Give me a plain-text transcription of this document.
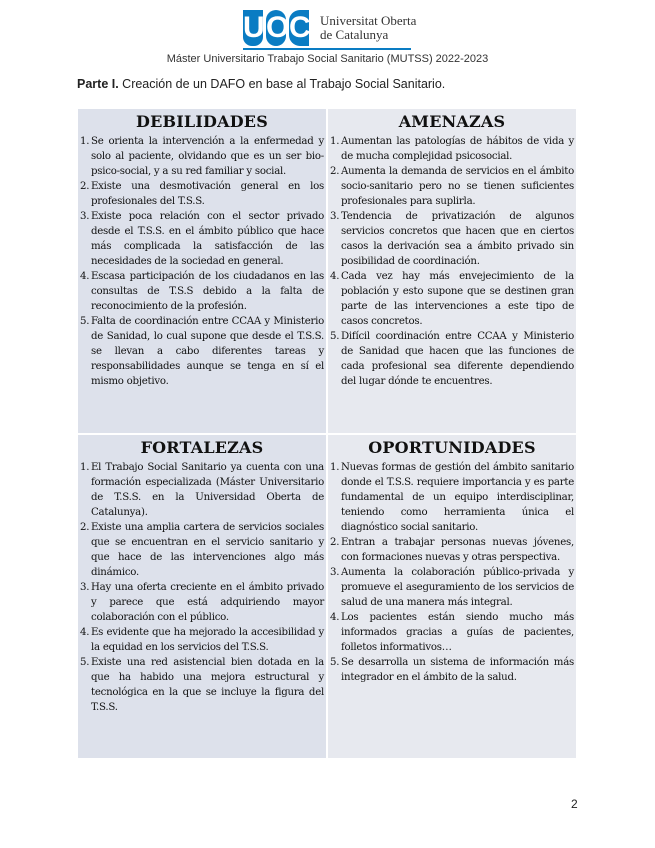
U O C Universitat Oberta
de Catalunya
Máster Universitario Trabajo Social Sanitario (MUTSS) 2022-2023
Parte I. Creación de un DAFO en base al Trabajo Social Sanitario.
DEBILIDADES
1. Se orienta la intervención a la enfermedad y solo al paciente, olvidando que es un ser bio-psico-social, y a su red familiar y social.
2. Existe una desmotivación general en los profesionales del T.S.S.
3. Existe poca relación con el sector privado desde el T.S.S. en el ámbito público que hace más complicada la satisfacción de las necesidades de la sociedad en general.
4. Escasa participación de los ciudadanos en las consultas de T.S.S debido a la falta de reconocimiento de la profesión.
5. Falta de coordinación entre CCAA y Ministerio de Sanidad, lo cual supone que desde el T.S.S. se llevan a cabo diferentes tareas y responsabilidades aunque se tenga en sí el mismo objetivo.
AMENAZAS
1. Aumentan las patologías de hábitos de vida y de mucha complejidad psicosocial.
2. Aumenta la demanda de servicios en el ámbito socio-sanitario pero no se tienen suficientes profesionales para suplirla.
3. Tendencia de privatización de algunos servicios concretos que hacen que en ciertos casos la derivación sea a ámbito privado sin posibilidad de coordinación.
4. Cada vez hay más envejecimiento de la población y esto supone que se destinen gran parte de las intervenciones a este tipo de casos concretos.
5. Difícil coordinación entre CCAA y Ministerio de Sanidad que hacen que las funciones de cada profesional sea diferente dependiendo del lugar dónde te encuentres.
FORTALEZAS
1. El Trabajo Social Sanitario ya cuenta con una formación especializada (Máster Universitario de T.S.S. en la Universidad Oberta de Catalunya).
2. Existe una amplia cartera de servicios sociales que se encuentran en el servicio sanitario y que hace de las intervenciones algo más dinámico.
3. Hay una oferta creciente en el ámbito privado y parece que está adquiriendo mayor colaboración con el público.
4. Es evidente que ha mejorado la accesibilidad y la equidad en los servicios del T.S.S.
5. Existe una red asistencial bien dotada en la que ha habido una mejora estructural y tecnológica en la que se incluye la figura del T.S.S.
OPORTUNIDADES
1. Nuevas formas de gestión del ámbito sanitario donde el T.S.S. requiere importancia y es parte fundamental de un equipo interdisciplinar, teniendo como herramienta única el diagnóstico social sanitario.
2. Entran a trabajar personas nuevas jóvenes, con formaciones nuevas y otras perspectiva.
3. Aumenta la colaboración público-privada y promueve el aseguramiento de los servicios de salud de una manera más integral.
4. Los pacientes están siendo mucho más informados gracias a guías de pacientes, folletos informativos…
5. Se desarrolla un sistema de información más integrador en el ámbito de la salud.
2
